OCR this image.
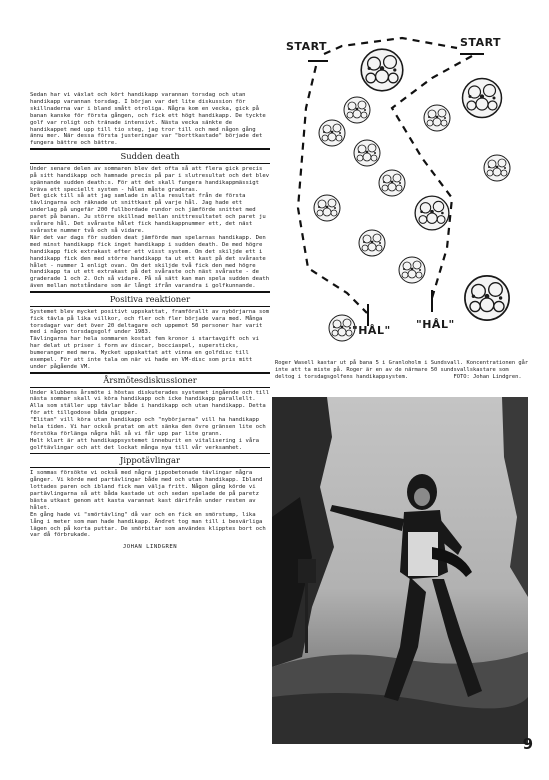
Sedan har vi växlat och kört handikapp varannan torsdag och utan handikapp varannan torsdag. I början var det lite diskussion för skillnaderna var i bland smått otroliga. Några kom en vecka, gick på banan kanske för första gången, och fick ett högt handikapp. De tyckte golf var roligt och tränade intensivt. Nästa vecka sänkte de handikappet med upp till tio steg, jag tror till och med någon gång ännu mer. När dessa första justeringar var "borttkastade" började det fungera bättre och bättre.

Sudden death

Under senare delen av sommaren blev det ofta så att flera gick precis på sitt handikapp och hamnade precis på par i slutresultat och det blev spännande sudden death:s. För att det skall fungera handikappmässigt kräva ett speciellt system - hålen måste graderas.

Det gick till så att jag samlade in alla resultat från de första tävlingarna och räknade ut snittkast på varje hål. Jag hade ett underlag på ungefär 200 fullbordade rundor och jämförde snittet med paret på banan. Ju större skillnad mellan snittresultatet och paret ju svårare hål. Det svåraste hålet fick handikappnummer ett, det näst svåraste nummer två och så vidare.

När det var dags för sudden deat jämförde man spelarnas handikapp. Den med minst handikapp fick inget handikapp i sudden death. De med högre handikapp fick extrakast efter ett visst system. Om det skiljde ett i handikapp fick den med större handikapp ta ut ett kast på det svåraste hålet - nummer 1 enligt ovan. Om det skiljde två fick den med högre handikapp ta ut ett extrakast på det svåraste och näst svåraste - de graderade 1 och 2. Och så vidare. På så sätt kan man spela sudden death även mellan motståndare som är långt ifrån varandra i golfkunnande.

Positiva reaktioner

Systemet blev mycket positivt uppskattat, framförallt av nybörjarna som fick tävla på lika villkor, och fler och fler började vara med. Många torsdagar var det över 20 deltagare och uppemot 50 personer har varit med i någon torsdagsgolf under 1983.

Tävlingarna har hela sommaren kostat fem kronor i startavgift och vi har delat ut priser i form av discar, bocciaspel, supersticks, bumeranger med mera. Mycket uppskattat att vinna en golfdisc till exempel. För att inte tala om när vi hade en VM-disc som pris mitt under pågående VM.

Årsmötesdiskussioner

Under klubbens årsmöte i höstas diskuterades systemet ingående och till nästa sommar skall vi köra handikapp och icke handikapp parallellt. Alla som ställer upp tävlar både i handikapp och utan handikapp. Detta för att tillgodose båda grupper.

"Elitan" vill köra utan handikapp och "nybörjarna" vill ha handikapp hela tiden. Vi har också pratat om att sänka den övre gränsen lite och förstöka förlänga några hål så vi får upp par lite grann.

Helt klart är att handikappsystemet inneburit en vitalisering i våra golftävlingar och att det lockat många nya till vår verksamhet.

Jippotävlingar

I sommas försökte vi också med några jippobetonade tävlingar några gånger. Vi körde med partävlingar både med och utan handikapp. Ibland lottades paren och ibland fick man välja fritt. Någon gång körde vi partävlingarna så att båda kastade ut och sedan spelade de på paretz bästa utkast genom att kasta varannat kast därifrån under resten av hålet.

En gång hade vi "smörtävling" då var och en fick en smörstump, lika lång i meter som man hade handikapp. Ändret tog man till i besvärliga lägen och på korta puttar. De smörbitar som användes klipptes bort och var då förbrukade.

JOHAN LINDGREN
START	START
"HÅL" "HÅL"
Roger Wasell kastar ut på bana 5 i Granloholm i Sundsvall. Koncentrationen går inte att ta miste på. Roger är en av de närmare 50 sundsvallskastare som deltog i torsdagsgolfens handikappsystem.              FOTO: Johan Lindgren.
9
